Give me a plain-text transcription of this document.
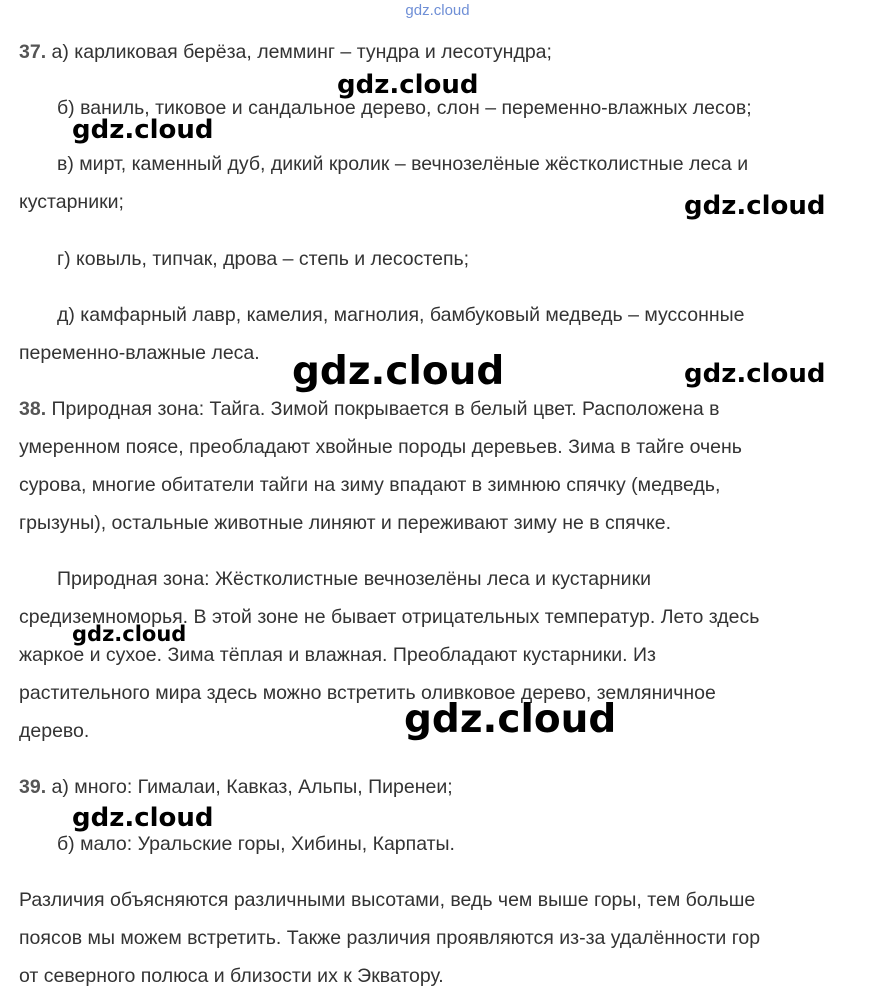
gdz.cloud
37. а) карликовая берёза, лемминг – тундра и лесотундра;
б) ваниль, тиковое и сандальное дерево, слон – переменно-влажных лесов;
в) мирт, каменный дуб, дикий кролик – вечнозелёные жёстколистные леса и
кустарники;
г) ковыль, типчак, дрова – степь и лесостепь;
д) камфарный лавр, камелия, магнолия, бамбуковый медведь – муссонные
переменно-влажные леса.
38. Природная зона: Тайга. Зимой покрывается в белый цвет. Расположена в
умеренном поясе, преобладают хвойные породы деревьев. Зима в тайге очень
сурова, многие обитатели тайги на зиму впадают в зимнюю спячку (медведь,
грызуны), остальные животные линяют и переживают зиму не в спячке.
Природная зона: Жёстколистные вечнозелёны леса и кустарники
средиземноморья. В этой зоне не бывает отрицательных температур. Лето здесь
жаркое и сухое. Зима тёплая и влажная. Преобладают кустарники. Из
растительного мира здесь можно встретить оливковое дерево, земляничное
дерево.
39. а) много: Гималаи, Кавказ, Альпы, Пиренеи;
б) мало: Уральские горы, Хибины, Карпаты.
Различия объясняются различными высотами, ведь чем выше горы, тем больше
поясов мы можем встретить. Также различия проявляются из-за удалённости гор
от северного полюса и близости их к Экватору.
gdz.cloud
gdz.cloud
gdz.cloud
gdz.cloud	gdz.cloud
gdz.cloud
gdz.cloud
gdz.cloud
